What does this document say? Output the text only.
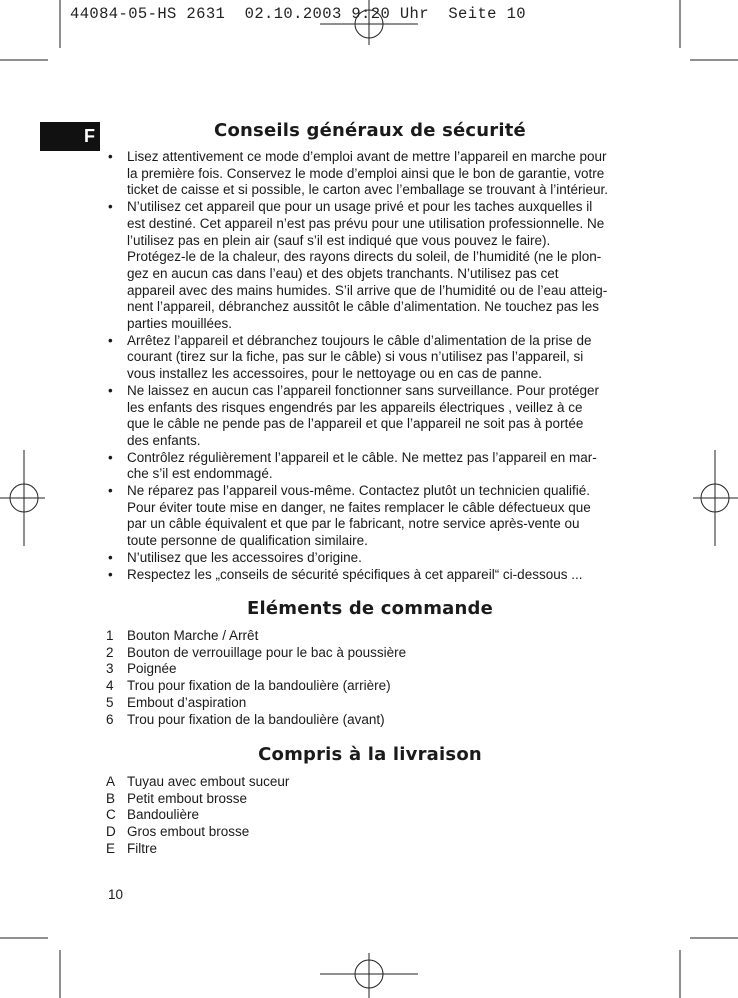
44084-05-HS 2631  02.10.2003 9:20 Uhr  Seite 10
F	Conseils généraux de sécurité
• Lisez attentivement ce mode d’emploi avant de mettre l’appareil en marche pour
la première fois. Conservez le mode d’emploi ainsi que le bon de garantie, votre
ticket de caisse et si possible, le carton avec l’emballage se trouvant à l’intérieur.
• N’utilisez cet appareil que pour un usage privé et pour les taches auxquelles il
est destiné. Cet appareil n’est pas prévu pour une utilisation professionnelle. Ne
l’utilisez pas en plein air (sauf s’il est indiqué que vous pouvez le faire).
Protégez-le de la chaleur, des rayons directs du soleil, de l’humidité (ne le plon-
gez en aucun cas dans l’eau) et des objets tranchants. N’utilisez pas cet
appareil avec des mains humides. S’il arrive que de l’humidité ou de l’eau atteig-
nent l’appareil, débranchez aussitôt le câble d’alimentation. Ne touchez pas les
parties mouillées.
• Arrêtez l’appareil et débranchez toujours le câble d’alimentation de la prise de
courant (tirez sur la fiche, pas sur le câble) si vous n’utilisez pas l’appareil, si
vous installez les accessoires, pour le nettoyage ou en cas de panne.
• Ne laissez en aucun cas l’appareil fonctionner sans surveillance. Pour protéger
les enfants des risques engendrés par les appareils électriques , veillez à ce
que le câble ne pende pas de l’appareil et que l’appareil ne soit pas à portée
des enfants.
• Contrôlez régulièrement l’appareil et le câble. Ne mettez pas l’appareil en mar-
che s’il est endommagé.
• Ne réparez pas l’appareil vous-même. Contactez plutôt un technicien qualifié.
Pour éviter toute mise en danger, ne faites remplacer le câble défectueux que
par un câble équivalent et que par le fabricant, notre service après-vente ou
toute personne de qualification similaire.
• N’utilisez que les accessoires d’origine.
• Respectez les „conseils de sécurité spécifiques à cet appareil“ ci-dessous ...
Eléments de commande
1 Bouton Marche / Arrêt
2 Bouton de verrouillage pour le bac à poussière
3 Poignée
4 Trou pour fixation de la bandoulière (arrière)
5 Embout d’aspiration
6 Trou pour fixation de la bandoulière (avant)
Compris à la livraison
A Tuyau avec embout suceur
B Petit embout brosse
C Bandoulière
D Gros embout brosse
E Filtre
10
